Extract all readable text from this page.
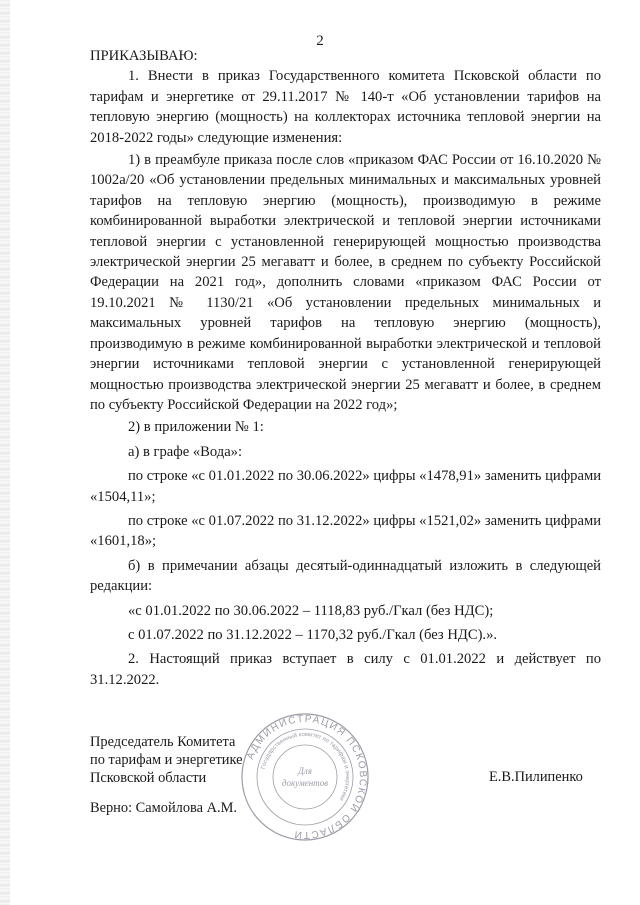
2

ПРИКАЗЫВАЮ:

1. Внести в приказ Государственного комитета Псковской области по тарифам и энергетике от 29.11.2017 № 140-т «Об установлении тарифов на тепловую энергию (мощность) на коллекторах источника тепловой энергии на 2018-2022 годы» следующие изменения:

1) в преамбуле приказа после слов «приказом ФАС России от 16.10.2020 № 1002а/20 «Об установлении предельных минимальных и максимальных уровней тарифов на тепловую энергию (мощность), производимую в режиме комбинированной выработки электрической и тепловой энергии источниками тепловой энергии с установленной генерирующей мощностью производства электрической энергии 25 мегаватт и более, в среднем по субъекту Российской Федерации на 2021 год», дополнить словами «приказом ФАС России от 19.10.2021 № 1130/21 «Об установлении предельных минимальных и максимальных уровней тарифов на тепловую энергию (мощность), производимую в режиме комбинированной выработки электрической и тепловой энергии источниками тепловой энергии с установленной генерирующей мощностью производства электрической энергии 25 мегаватт и более, в среднем по субъекту Российской Федерации на 2022 год»;

2) в приложении № 1:

а) в графе «Вода»:

по строке «с 01.01.2022 по 30.06.2022» цифры «1478,91» заменить цифрами «1504,11»;

по строке «с 01.07.2022 по 31.12.2022» цифры «1521,02» заменить цифрами «1601,18»;

б) в примечании абзацы десятый-одиннадцатый изложить в следующей редакции:

«с 01.01.2022 по 30.06.2022 – 1118,83 руб./Гкал (без НДС);

с 01.07.2022 по 31.12.2022 – 1170,32 руб./Гкал (без НДС).».

2. Настоящий приказ вступает в силу с 01.01.2022 и действует по 31.12.2022.

Председатель Комитета
по тарифам и энергетике
Псковской области	Е.В.Пилипенко
Верно: Самойлова А.М.
АДМИНИСТРАЦИЯ ПСКОВСКОЙ ОБЛАСТИ
Государственный комитет по тарифам и энергетике
Для
документов
